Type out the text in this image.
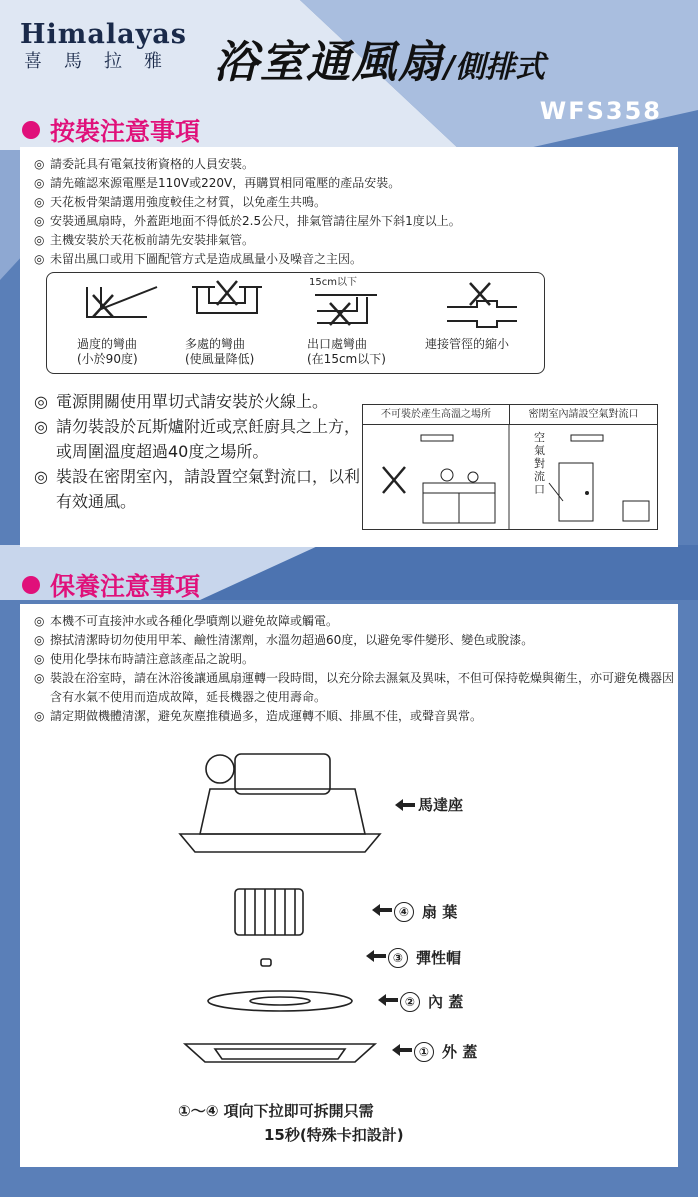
Himalayas
喜馬拉雅 浴室通風扇/側排式
WFS358
按裝注意事項
◎ 請委託具有電氣技術資格的人員安裝。
◎ 請先確認來源電壓是110V或220V，再購買相同電壓的產品安裝。
◎ 天花板骨架請選用強度較佳之材質，以免產生共鳴。
◎ 安裝通風扇時，外蓋距地面不得低於2.5公尺，排氣管請往屋外下斜1度以上。
◎ 主機安裝於天花板前請先安裝排氣管。
◎ 未留出風口或用下圖配管方式是造成風量小及噪音之主因。
15cm以下
過度的彎曲
(小於90度)
多處的彎曲
(使風量降低)
出口處彎曲
(在15cm以下)
連接管徑的縮小
◎ 電源開關使用單切式請安裝於火線上。
◎ 請勿裝設於瓦斯爐附近或烹飪廚具之上方，或周圍溫度超過40度之場所。
◎ 裝設在密閉室內，請設置空氣對流口，以利有效通風。
不可裝於產生高溫之場所	密閉室內請設空氣對流口
空氣對流口
保養注意事項
◎ 本機不可直接沖水或各種化學噴劑以避免故障或觸電。
◎ 擦拭清潔時切勿使用甲苯、鹼性清潔劑，水溫勿超過60度，以避免零件變形、變色或脫漆。
◎ 使用化學抹布時請注意該產品之說明。
◎ 裝設在浴室時，請在沐浴後讓通風扇運轉一段時間，以充分除去濕氣及異味，不但可保持乾燥與衛生，亦可避免機器因含有水氣不使用而造成故障，延長機器之使用壽命。
◎ 請定期做機體清潔，避免灰塵推積過多，造成運轉不順、排風不佳，或聲音異常。
馬達座
④ 扇 葉
③ 彈性帽
② 內 蓋
① 外 蓋
①～④ 項向下拉即可拆開只需
15秒(特殊卡扣設計)
